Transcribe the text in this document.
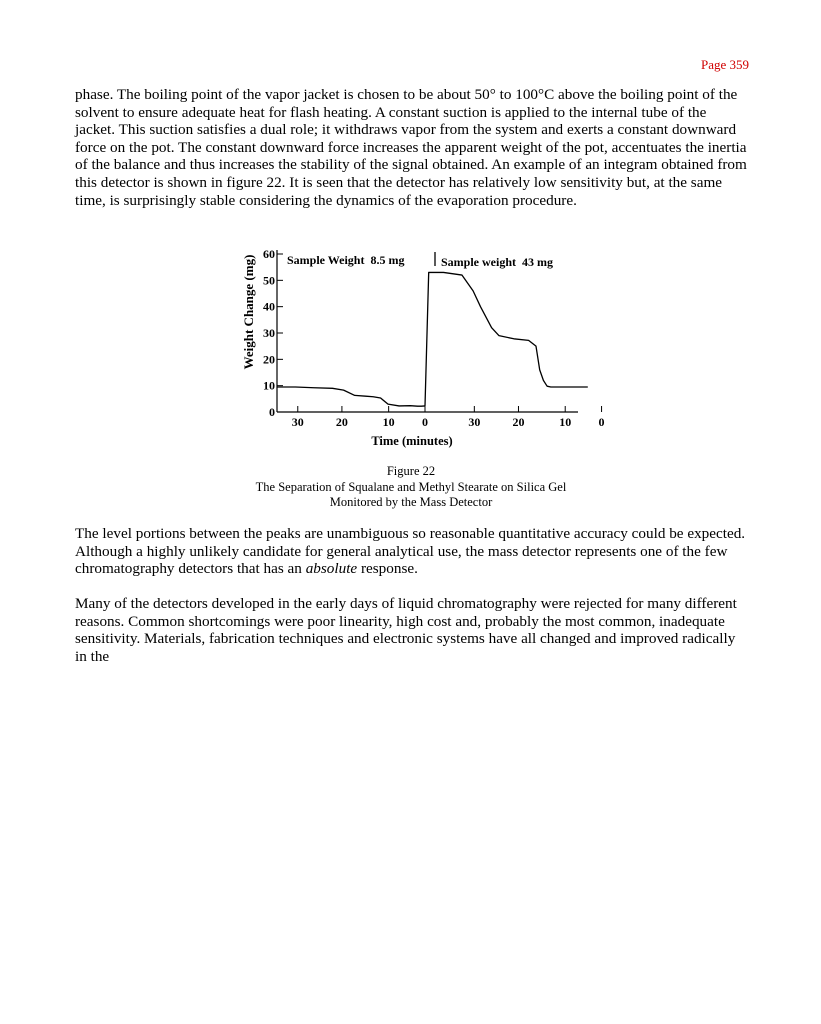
Page 359

phase. The boiling point of the vapor jacket is chosen to be about 50° to 100°C above the boiling point of the solvent to ensure adequate heat for flash heating. A constant suction is applied to the internal tube of the jacket. This suction satisfies a dual role; it withdraws vapor from the system and exerts a constant downward force on the pot. The constant downward force increases the apparent weight of the pot, accentuates the inertia of the balance and thus increases the stability of the signal obtained. An example of an integram obtained from this detector is shown in figure 22. It is seen that the detector has relatively low sensitivity but, at the same time, is surprisingly stable considering the dynamics of the evaporation procedure.

Weight Change (mg)	Sample Weight  8.5 mg	Sample weight  43 mg
Time (minutes)
0
10
20
30
40
50
60
30	20	10 0	30	20	10 0
Figure 22
The Separation of Squalane and Methyl Stearate on Silica Gel
Monitored by the Mass Detector

The level portions between the peaks are unambiguous so reasonable quantitative accuracy could be expected. Although a highly unlikely candidate for general analytical use, the mass detector represents one of the few chromatography detectors that has an absolute response.

Many of the detectors developed in the early days of liquid chromatography were rejected for many different reasons. Common shortcomings were poor linearity, high cost and, probably the most common, inadequate sensitivity. Materials, fabrication techniques and electronic systems have all changed and improved radically in the
